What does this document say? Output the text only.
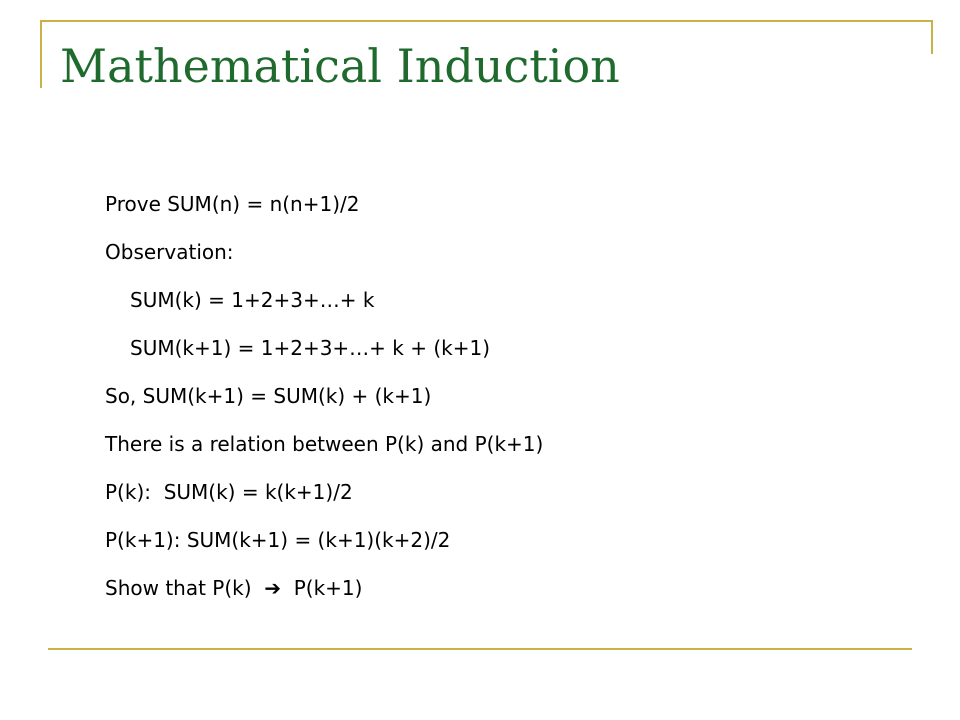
Mathematical Induction
Prove SUM(n) = n(n+1)/2
Observation:
SUM(k) = 1+2+3+…+ k
SUM(k+1) = 1+2+3+…+ k + (k+1)
So, SUM(k+1) = SUM(k) + (k+1)
There is a relation between P(k) and P(k+1)
P(k):  SUM(k) = k(k+1)/2
P(k+1): SUM(k+1) = (k+1)(k+2)/2
Show that P(k)  ➔  P(k+1)
